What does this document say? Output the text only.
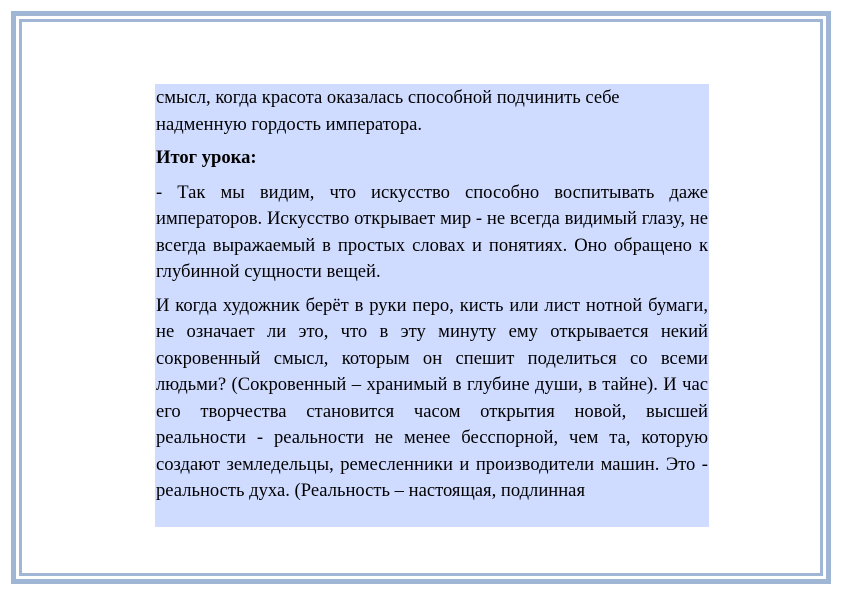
смысл, когда красота оказалась способной подчинить себе надменную гордость императора.

Итог урока:

- Так мы видим, что искусство способно воспитывать даже императоров. Искусство открывает мир - не всегда видимый глазу, не всегда выражаемый в простых словах и понятиях. Оно обращено к глубинной сущности вещей.

И когда художник берёт в руки перо, кисть или лист нотной бумаги, не означает ли это, что в эту минуту ему открывается некий сокровенный смысл, которым он спешит поделиться со всеми людьми? (Сокровенный – хранимый в глубине души, в тайне). И час его творчества становится часом открытия новой, высшей реальности - реальности не менее бесспорной, чем та, которую создают земледельцы, ремесленники и производители машин. Это - реальность духа. (Реальность – настоящая, подлинная
